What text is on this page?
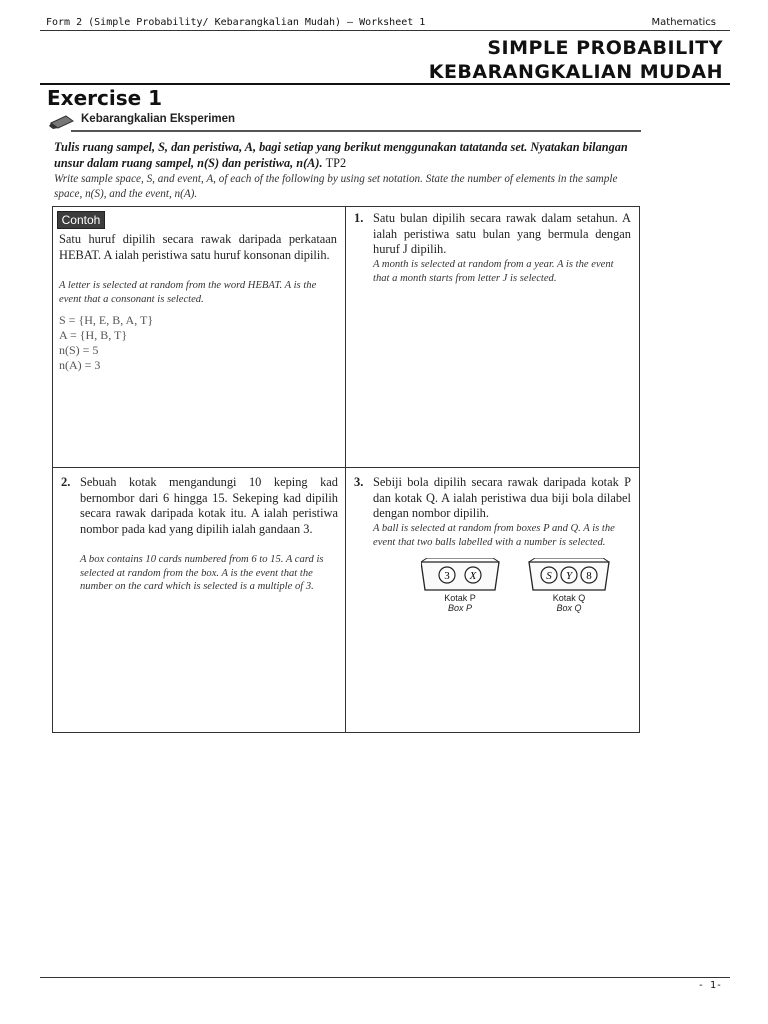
Form 2 (Simple Probability/ Kebarangkalian Mudah) – Worksheet 1	Mathematics
SIMPLE PROBABILITY
KEBARANGKALIAN MUDAH
Exercise 1
Kebarangkalian Eksperimen
Tulis ruang sampel, S, dan peristiwa, A, bagi setiap yang berikut menggunakan tatatanda set. Nyatakan bilangan unsur dalam ruang sampel, n(S) dan peristiwa, n(A). TP2
Write sample space, S, and event, A, of each of the following by using set notation. State the number of elements in the sample space, n(S), and the event, n(A).
Contoh
Satu huruf dipilih secara rawak daripada perkataan HEBAT. A ialah peristiwa satu huruf konsonan dipilih.
A letter is selected at random from the word HEBAT. A is the event that a consonant is selected.
S = {H, E, B, A, T}
A = {H, B, T}
n(S) = 5
n(A) = 3
1. Satu bulan dipilih secara rawak dalam setahun. A ialah peristiwa satu bulan yang bermula dengan huruf J dipilih.
A month is selected at random from a year. A is the event that a month starts from letter J is selected.
2. Sebuah kotak mengandungi 10 keping kad bernombor dari 6 hingga 15. Sekeping kad dipilih secara rawak daripada kotak itu. A ialah peristiwa nombor pada kad yang dipilih ialah gandaan 3.
A box contains 10 cards numbered from 6 to 15. A card is selected at random from the box. A is the event that the number on the card which is selected is a multiple of 3.
3. Sebiji bola dipilih secara rawak daripada kotak P dan kotak Q. A ialah peristiwa dua biji bola dilabel dengan nombor dipilih.
A ball is selected at random from boxes P and Q. A is the event that two balls labelled with a number is selected.
3 X	S Y 8
Kotak P
Box P
Kotak Q
Box Q
- 1-
